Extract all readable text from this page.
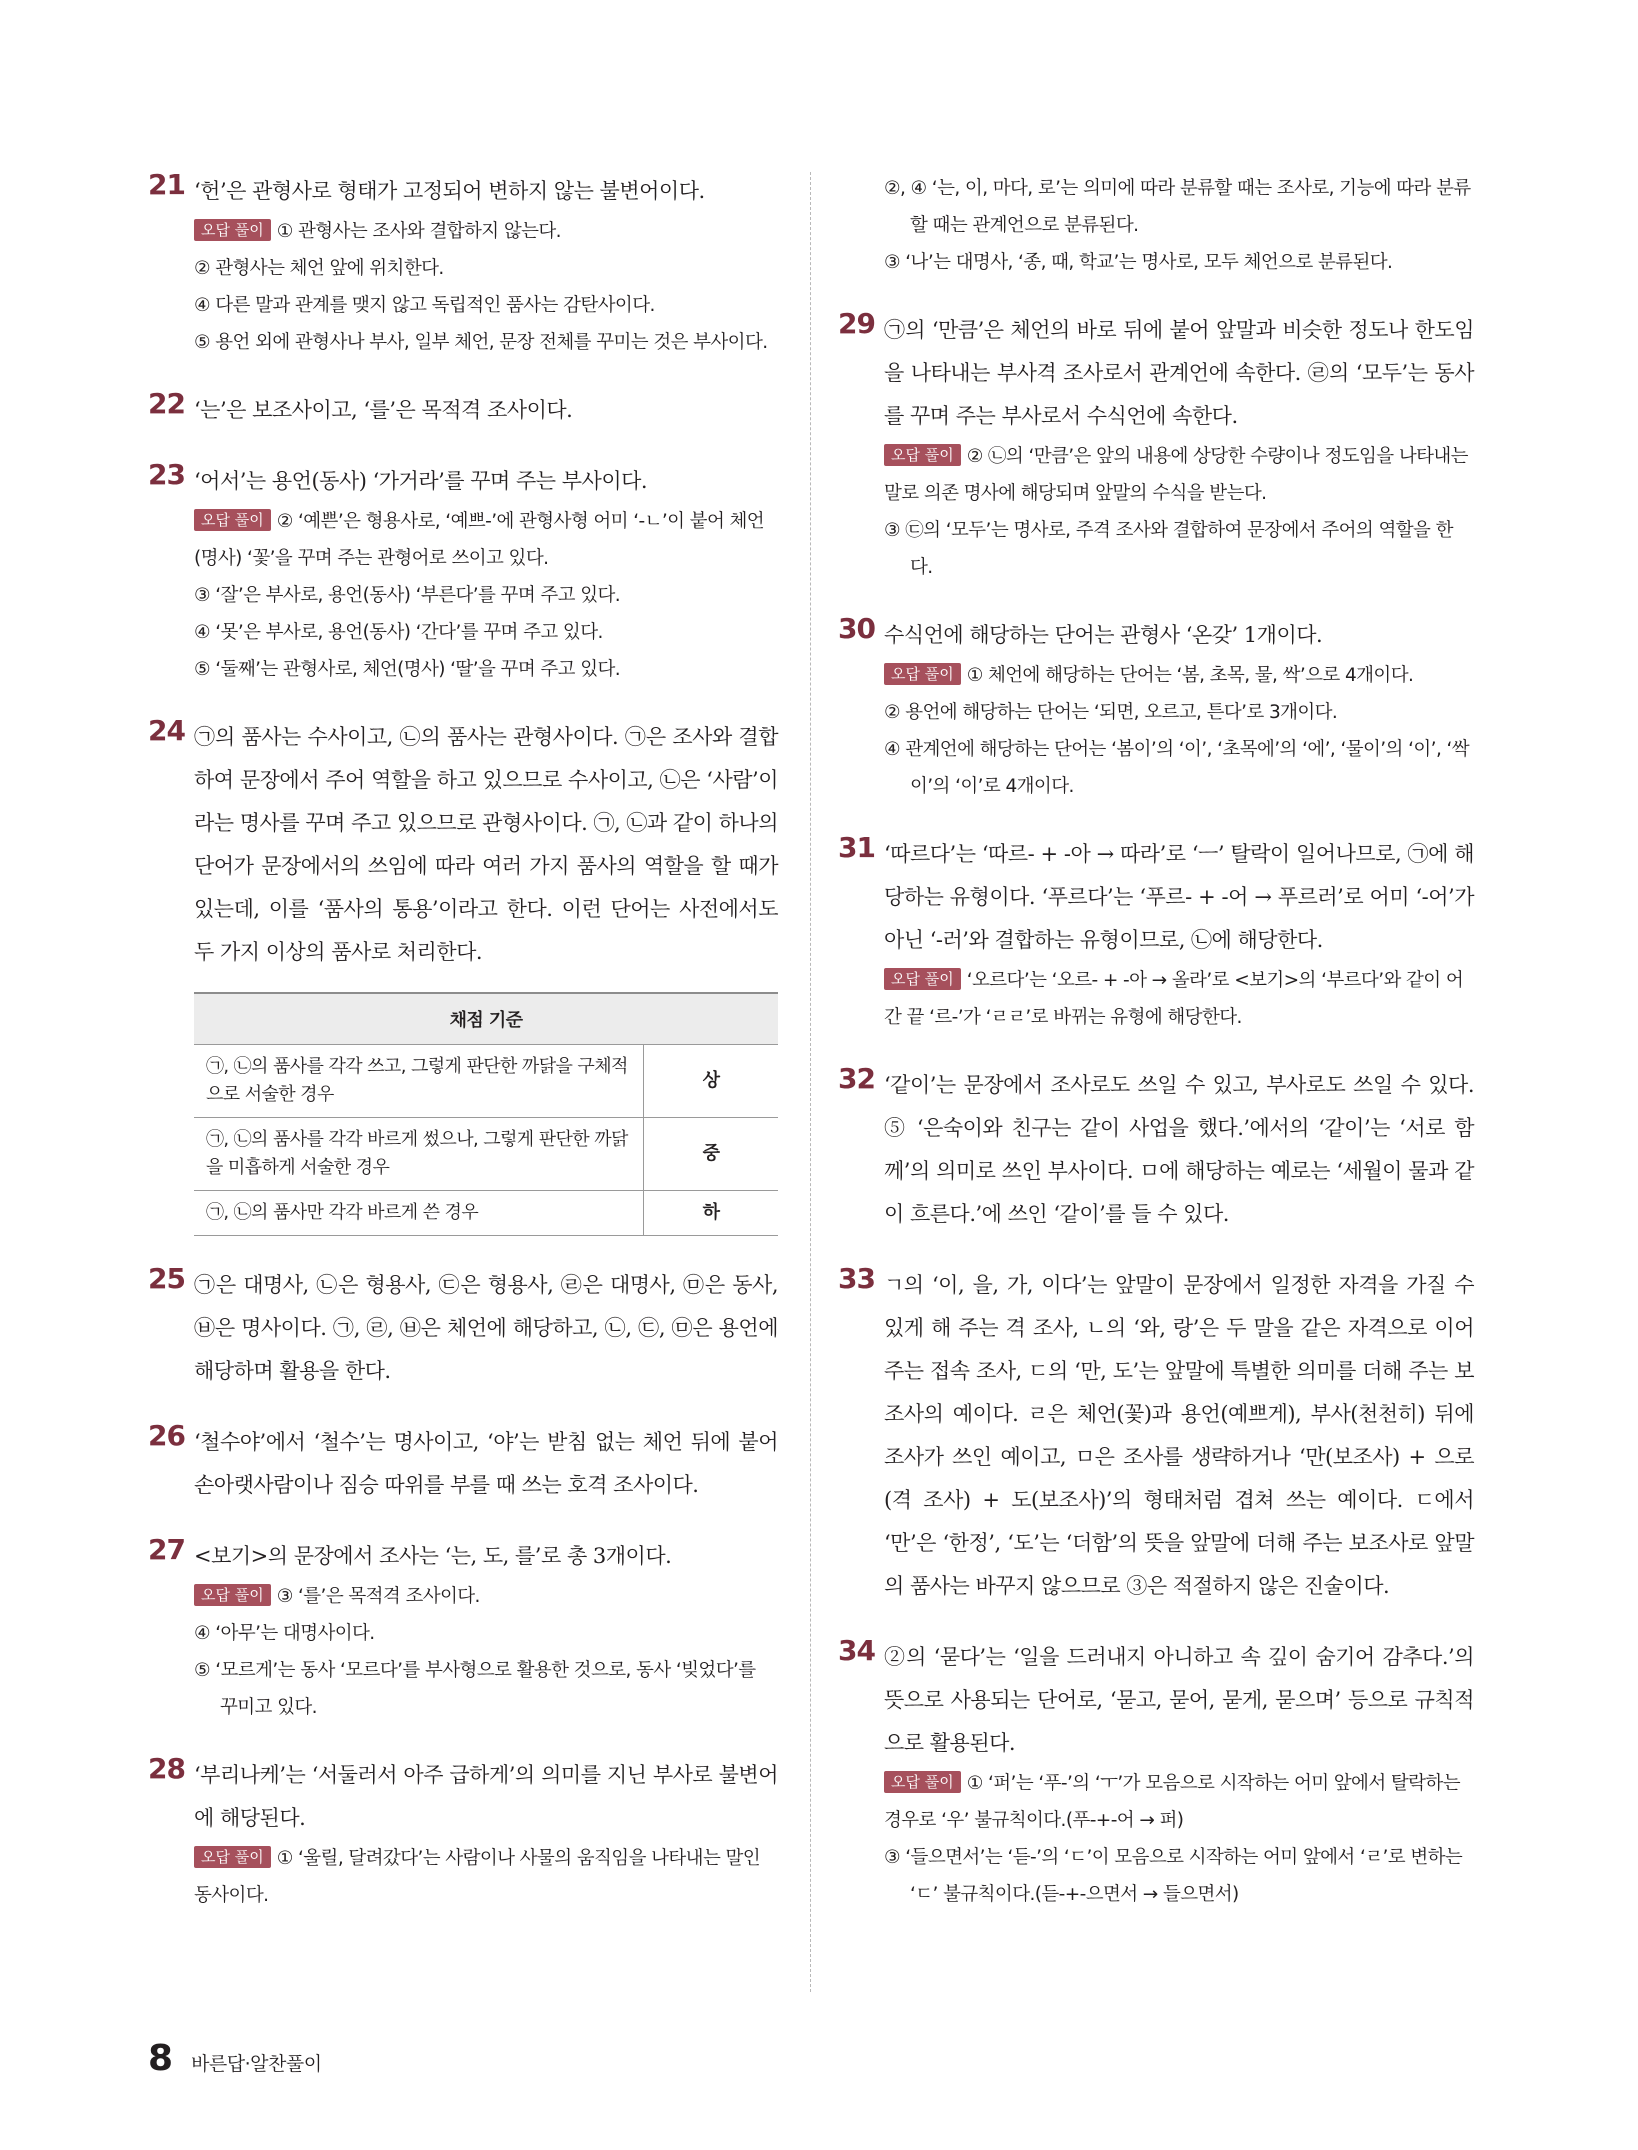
21 ‘헌’은 관형사로 형태가 고정되어 변하지 않는 불변어이다.

오답 풀이 ① 관형사는 조사와 결합하지 않는다.

② 관형사는 체언 앞에 위치한다.

④ 다른 말과 관계를 맺지 않고 독립적인 품사는 감탄사이다.

⑤ 용언 외에 관형사나 부사, 일부 체언, 문장 전체를 꾸미는 것은 부사이다.

22 ‘는’은 보조사이고, ‘를’은 목적격 조사이다.

23 ‘어서’는 용언(동사) ‘가거라’를 꾸며 주는 부사이다.

오답 풀이 ② ‘예쁜’은 형용사로, ‘예쁘-’에 관형사형 어미 ‘-ㄴ’이 붙어 체언(명사) ‘꽃’을 꾸며 주는 관형어로 쓰이고 있다.

③ ‘잘’은 부사로, 용언(동사) ‘부른다’를 꾸며 주고 있다.

④ ‘못’은 부사로, 용언(동사) ‘간다’를 꾸며 주고 있다.

⑤ ‘둘째’는 관형사로, 체언(명사) ‘딸’을 꾸며 주고 있다.

24 ㉠의 품사는 수사이고, ㉡의 품사는 관형사이다. ㉠은 조사와 결합하여 문장에서 주어 역할을 하고 있으므로 수사이고, ㉡은 ‘사람’이라는 명사를 꾸며 주고 있으므로 관형사이다. ㉠, ㉡과 같이 하나의 단어가 문장에서의 쓰임에 따라 여러 가지 품사의 역할을 할 때가 있는데, 이를 ‘품사의 통용’이라고 한다. 이런 단어는 사전에서도 두 가지 이상의 품사로 처리한다.

채점 기준	
㉠, ㉡의 품사를 각각 쓰고, 그렇게 판단한 까닭을 구체적으로 서술한 경우	상
㉠, ㉡의 품사를 각각 바르게 썼으나, 그렇게 판단한 까닭을 미흡하게 서술한 경우	중
㉠, ㉡의 품사만 각각 바르게 쓴 경우	하
25 ㉠은 대명사, ㉡은 형용사, ㉢은 형용사, ㉣은 대명사, ㉤은 동사, ㉥은 명사이다. ㉠, ㉣, ㉥은 체언에 해당하고, ㉡, ㉢, ㉤은 용언에 해당하며 활용을 한다.

26 ‘철수야’에서 ‘철수’는 명사이고, ‘야’는 받침 없는 체언 뒤에 붙어 손아랫사람이나 짐승 따위를 부를 때 쓰는 호격 조사이다.

27 <보기>의 문장에서 조사는 ‘는, 도, 를’로 총 3개이다.

오답 풀이 ③ ‘를’은 목적격 조사이다.

④ ‘아무’는 대명사이다.

⑤ ‘모르게’는 동사 ‘모르다’를 부사형으로 활용한 것으로, 동사 ‘빚었다’를 꾸미고 있다.

28 ‘부리나케’는 ‘서둘러서 아주 급하게’의 의미를 지닌 부사로 불변어에 해당된다.

오답 풀이 ① ‘울릴, 달려갔다’는 사람이나 사물의 움직임을 나타내는 말인 동사이다.

②, ④ ‘는, 이, 마다, 로’는 의미에 따라 분류할 때는 조사로, 기능에 따라 분류할 때는 관계언으로 분류된다.

③ ‘나’는 대명사, ‘종, 때, 학교’는 명사로, 모두 체언으로 분류된다.

29 ㉠의 ‘만큼’은 체언의 바로 뒤에 붙어 앞말과 비슷한 정도나 한도임을 나타내는 부사격 조사로서 관계언에 속한다. ㉣의 ‘모두’는 동사를 꾸며 주는 부사로서 수식언에 속한다.

오답 풀이 ② ㉡의 ‘만큼’은 앞의 내용에 상당한 수량이나 정도임을 나타내는 말로 의존 명사에 해당되며 앞말의 수식을 받는다.

③ ㉢의 ‘모두’는 명사로, 주격 조사와 결합하여 문장에서 주어의 역할을 한다.

30 수식언에 해당하는 단어는 관형사 ‘온갖’ 1개이다.

오답 풀이 ① 체언에 해당하는 단어는 ‘봄, 초목, 물, 싹’으로 4개이다.

② 용언에 해당하는 단어는 ‘되면, 오르고, 튼다’로 3개이다.

④ 관계언에 해당하는 단어는 ‘봄이’의 ‘이’, ‘초목에’의 ‘에’, ‘물이’의 ‘이’, ‘싹이’의 ‘이’로 4개이다.

31 ‘따르다’는 ‘따르- + -아 → 따라’로 ‘ㅡ’ 탈락이 일어나므로, ㉠에 해당하는 유형이다. ‘푸르다’는 ‘푸르- + -어 → 푸르러’로 어미 ‘-어’가 아닌 ‘-러’와 결합하는 유형이므로, ㉡에 해당한다.

오답 풀이 ‘오르다’는 ‘오르- + -아 → 올라’로 <보기>의 ‘부르다’와 같이 어간 끝 ‘르-’가 ‘ㄹㄹ’로 바뀌는 유형에 해당한다.

32 ‘같이’는 문장에서 조사로도 쓰일 수 있고, 부사로도 쓰일 수 있다. ⑤ ‘은숙이와 친구는 같이 사업을 했다.’에서의 ‘같이’는 ‘서로 함께’의 의미로 쓰인 부사이다. ㅁ에 해당하는 예로는 ‘세월이 물과 같이 흐른다.’에 쓰인 ‘같이’를 들 수 있다.

33 ㄱ의 ‘이, 을, 가, 이다’는 앞말이 문장에서 일정한 자격을 가질 수 있게 해 주는 격 조사, ㄴ의 ‘와, 랑’은 두 말을 같은 자격으로 이어 주는 접속 조사, ㄷ의 ‘만, 도’는 앞말에 특별한 의미를 더해 주는 보조사의 예이다. ㄹ은 체언(꽃)과 용언(예쁘게), 부사(천천히) 뒤에 조사가 쓰인 예이고, ㅁ은 조사를 생략하거나 ‘만(보조사) + 으로(격 조사) + 도(보조사)’의 형태처럼 겹쳐 쓰는 예이다. ㄷ에서 ‘만’은 ‘한정’, ‘도’는 ‘더함’의 뜻을 앞말에 더해 주는 보조사로 앞말의 품사는 바꾸지 않으므로 ③은 적절하지 않은 진술이다.

34 ②의 ‘묻다’는 ‘일을 드러내지 아니하고 속 깊이 숨기어 감추다.’의 뜻으로 사용되는 단어로, ‘묻고, 묻어, 묻게, 묻으며’ 등으로 규칙적으로 활용된다.

오답 풀이 ① ‘퍼’는 ‘푸-’의 ‘ㅜ’가 모음으로 시작하는 어미 앞에서 탈락하는 경우로 ‘우’ 불규칙이다.(푸-+-어 → 퍼)

③ ‘들으면서’는 ‘듣-’의 ‘ㄷ’이 모음으로 시작하는 어미 앞에서 ‘ㄹ’로 변하는 ‘ㄷ’ 불규칙이다.(듣-+-으면서 → 들으면서)

8 바른답·알찬풀이
